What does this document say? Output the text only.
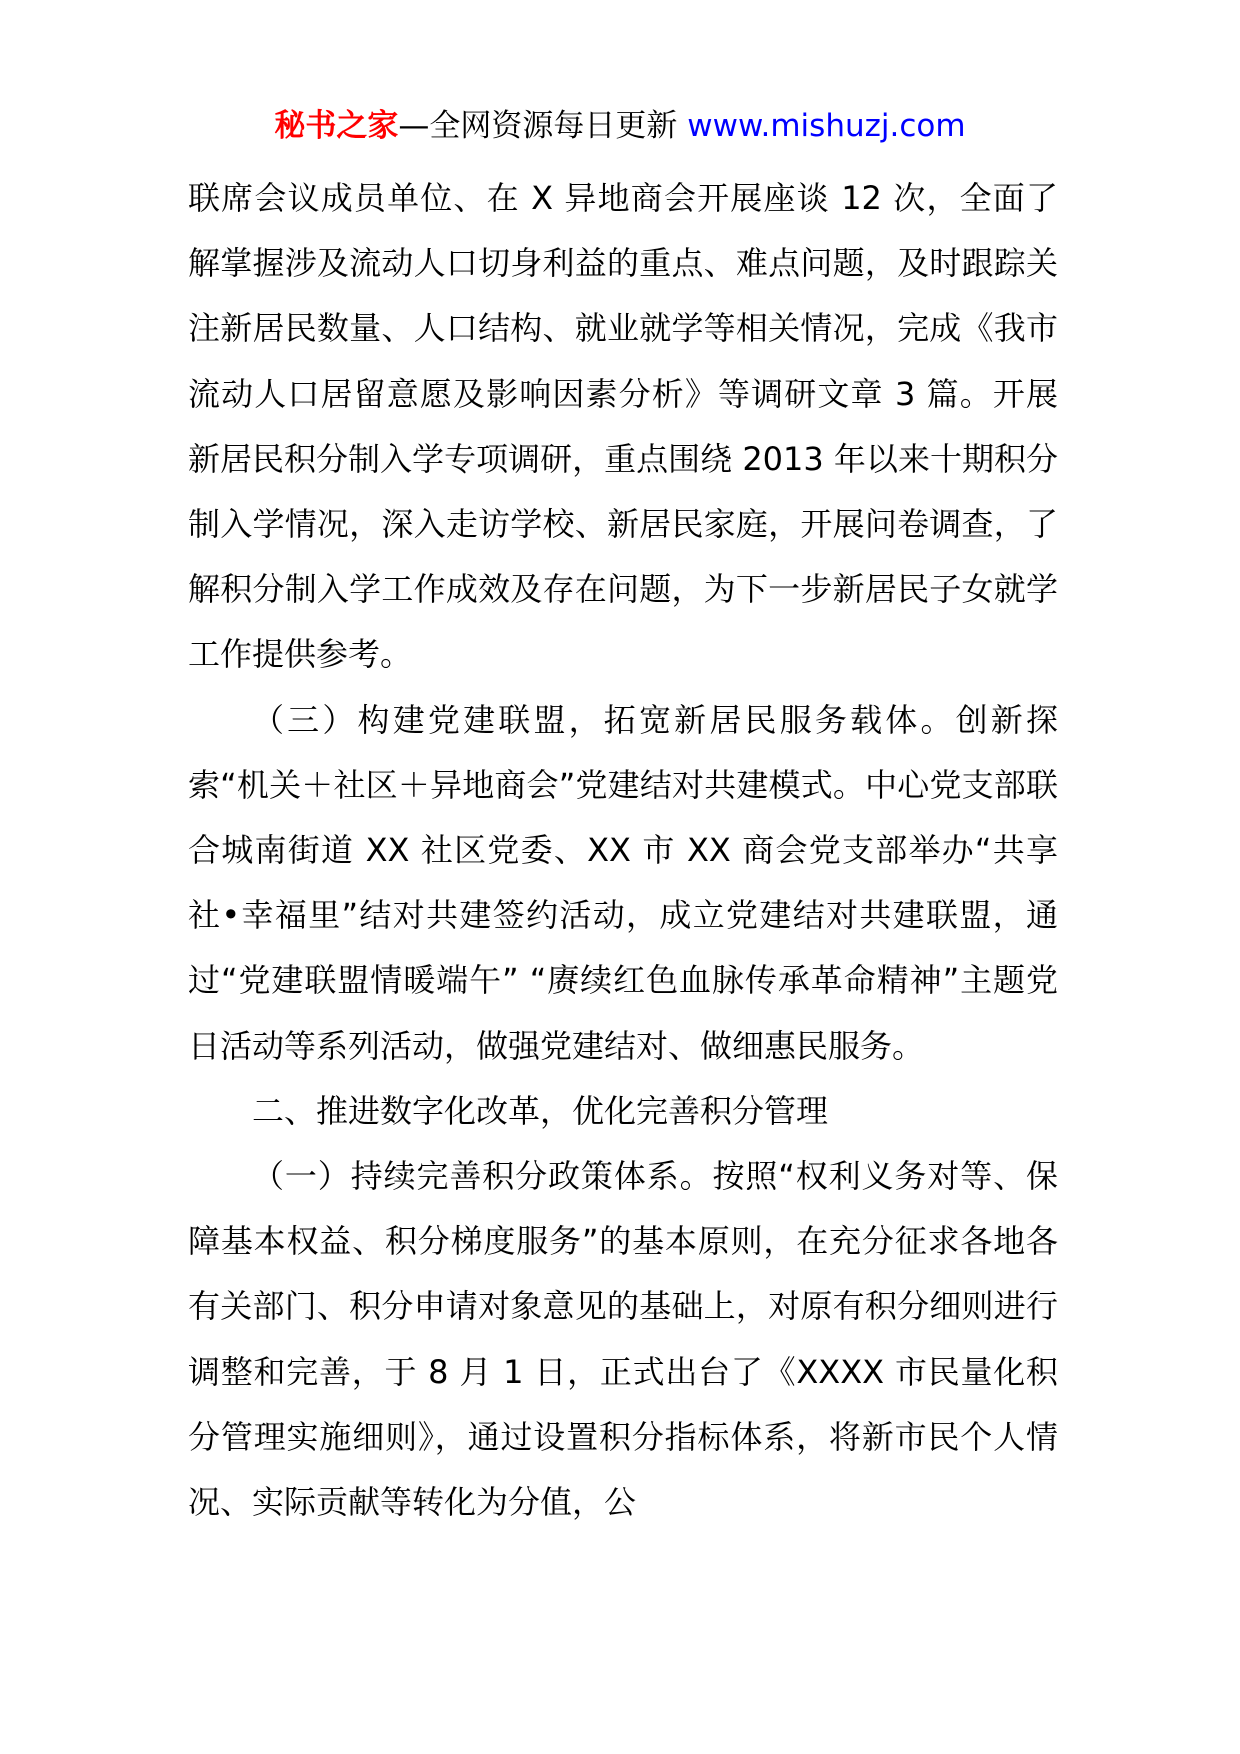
秘书之家—全网资源每日更新 www.mishuzj.com

联席会议成员单位、在 X 异地商会开展座谈 12 次，全面了解掌握涉及流动人口切身利益的重点、难点问题，及时跟踪关注新居民数量、人口结构、就业就学等相关情况，完成《我市流动人口居留意愿及影响因素分析》等调研文章 3 篇。开展新居民积分制入学专项调研，重点围绕 2013 年以来十期积分制入学情况，深入走访学校、新居民家庭，开展问卷调查，了解积分制入学工作成效及存在问题，为下一步新居民子女就学工作提供参考。

（三）构建党建联盟，拓宽新居民服务载体。创新探索“机关＋社区＋异地商会”党建结对共建模式。中心党支部联合城南街道 XX 社区党委、XX 市 XX 商会党支部举办“共享社•幸福里”结对共建签约活动，成立党建结对共建联盟，通过“党建联盟情暖端午” “赓续红色血脉传承革命精神”主题党日活动等系列活动，做强党建结对、做细惠民服务。

二、推进数字化改革，优化完善积分管理

（一）持续完善积分政策体系。按照“权利义务对等、保障基本权益、积分梯度服务”的基本原则，在充分征求各地各有关部门、积分申请对象意见的基础上，对原有积分细则进行调整和完善，于 8 月 1 日，正式出台了《XXXX 市民量化积分管理实施细则》，通过设置积分指标体系，将新市民个人情况、实际贡献等转化为分值，公
